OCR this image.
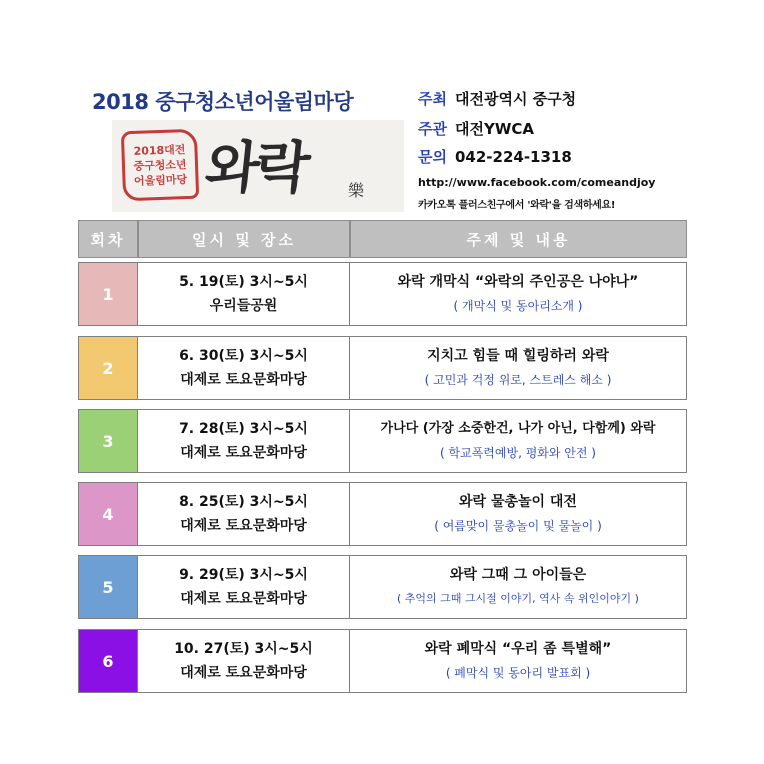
2018 중구청소년어울림마당
2018대전
중구청소년
어울림마당 와락 樂
주최 대전광역시 중구청
주관 대전YWCA
문의 042-224-1318
http://www.facebook.com/comeandjoy
카카오톡 플러스친구에서 '와락'을 검색하세요!
회차	일시 및 장소	주제 및 내용
1
5. 19(토) 3시~5시
우리들공원
와락 개막식 “와락의 주인공은 나야나”
( 개막식 및 동아리소개 )
2
6. 30(토) 3시~5시
대제로 토요문화마당
지치고 힘들 때 힐링하러 와락
( 고민과 걱정 위로, 스트레스 해소 )
3
7. 28(토) 3시~5시
대제로 토요문화마당
가나다 (가장 소중한건, 나가 아닌, 다함께) 와락
( 학교폭력예방, 평화와 안전 )
4
8. 25(토) 3시~5시
대제로 토요문화마당
와락 물총놀이 대전
( 여름맞이 물총놀이 및 물놀이 )
5
9. 29(토) 3시~5시
대제로 토요문화마당
와락 그때 그 아이들은
( 추억의 그때 그시절 이야기, 역사 속 위인이야기 )
6
10. 27(토) 3시~5시
대제로 토요문화마당
와락 폐막식 “우리 좀 특별해”
( 폐막식 및 동아리 발표회 )
